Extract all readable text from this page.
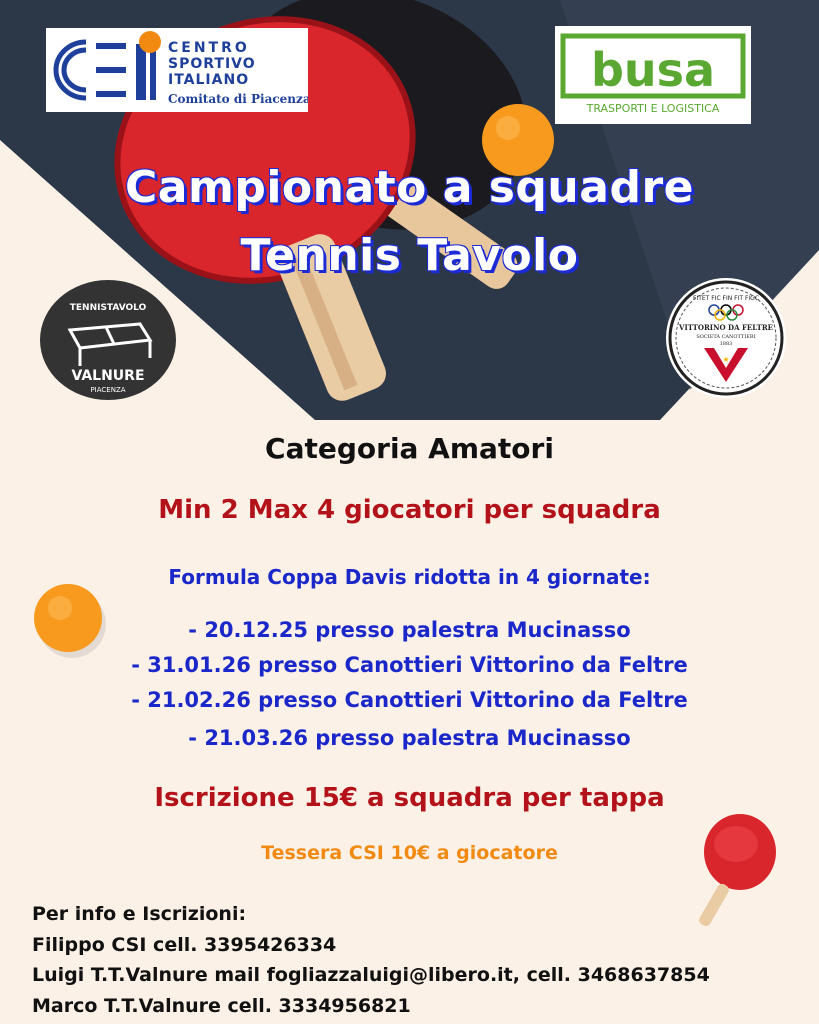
CENTRO
SPORTIVO
ITALIANO
Comitato di Piacenza
busa
TRASPORTI E LOGISTICA
TENNISTAVOLO
VALNURE
PIACENZA
FITET FIC FIN FIT FIGC
VITTORINO DA FELTRE
SOCIETÀ CANOTTIERI
1883
★
Campionato a squadre
Tennis Tavolo
Categoria Amatori
Min 2 Max 4 giocatori per squadra
Formula Coppa Davis ridotta in 4 giornate:
- 20.12.25 presso palestra Mucinasso
- 31.01.26 presso Canottieri Vittorino da Feltre
- 21.02.26 presso Canottieri Vittorino da Feltre
- 21.03.26 presso palestra Mucinasso
Iscrizione 15€ a squadra per tappa
Tessera CSI 10€ a giocatore
Per info e Iscrizioni:
Filippo CSI cell. 3395426334
Luigi T.T.Valnure mail fogliazzaluigi@libero.it, cell. 3468637854
Marco T.T.Valnure cell. 3334956821
